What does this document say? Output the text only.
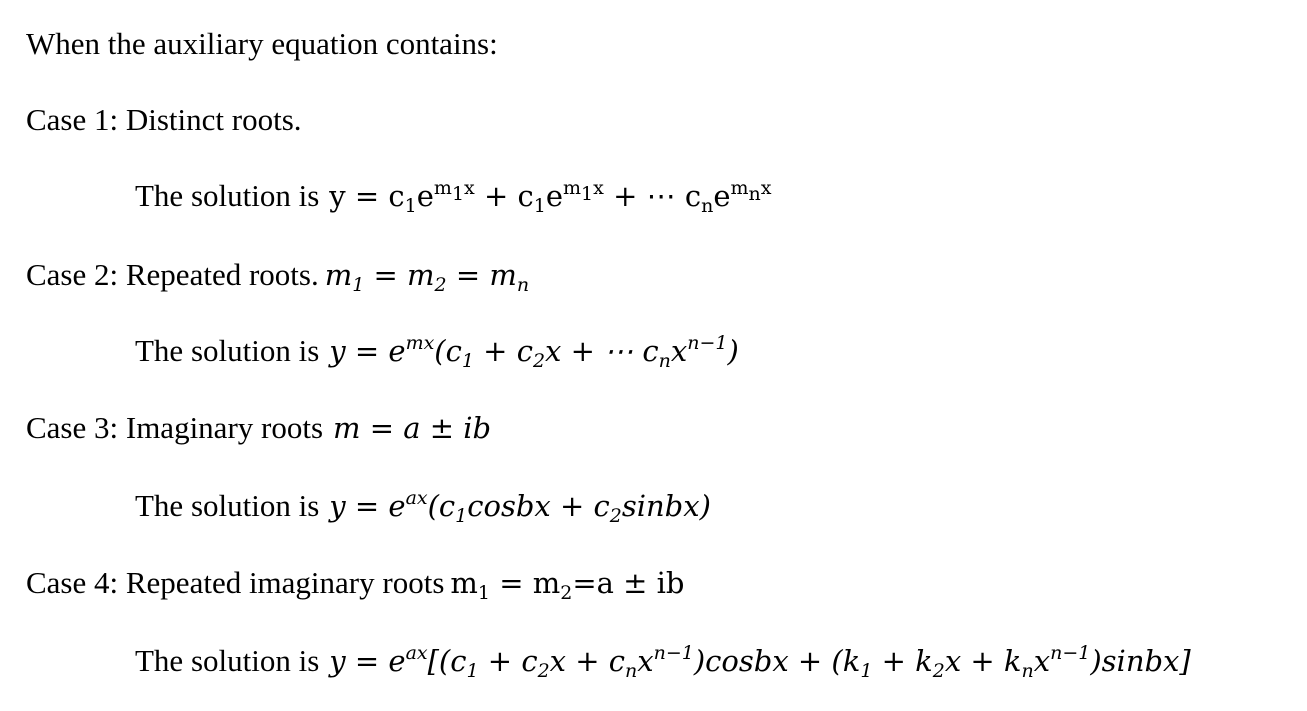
When the auxiliary equation contains:
Case 1: Distinct roots.
The solution is $y = c_1e^{m_1x} + c_1e^{m_1x}$ + ⋯ $c_ne^{m_nx}$
Case 2: Repeated roots. $m_1 = m_2 = m_n$
The solution is $y = e^{mx}(c_1 + c_2x$ + ⋯ $c_nx^{n-1}$)
Case 3: Imaginary roots m = a ± ib
The solution is $y = e^{ax}(c_1cosbx$ + $c_2sinbx$)
Case 4: Repeated imaginary roots $m_1 = m_2=a$ ± ib
The solution is $y = e^{ax}[(c_1 + c_2x$ + $c_nx^{n-1})cosbx + (k_1 + k_2x$ + $k_nx^{n-1})sinbx$]
